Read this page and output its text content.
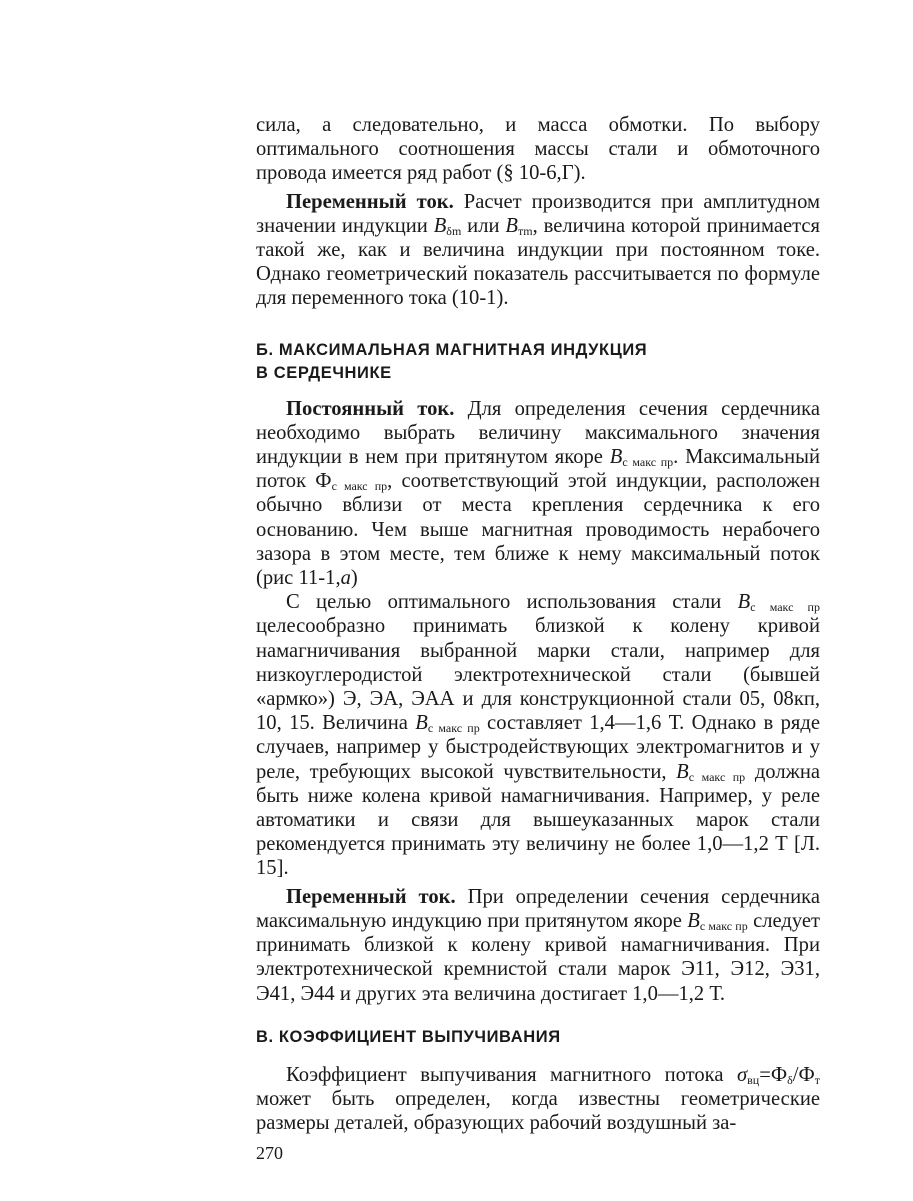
сила, а следовательно, и масса обмотки. По выбору оптимального соотношения массы стали и обмоточного провода имеется ряд работ (§ 10-6,Г).

Переменный ток. Расчет производится при амплитудном значении индукции $B_{\delta m}$ или $B_{тm}$, величина которой принимается такой же, как и величина индукции при постоянном токе. Однако геометрический показатель рассчитывается по формуле для переменного тока (10-1).

Б. МАКСИМАЛЬНАЯ МАГНИТНАЯ ИНДУКЦИЯ
В СЕРДЕЧНИКЕ

Постоянный ток. Для определения сечения сердечника необходимо выбрать величину максимального значения индукции в нем при притянутом якоре $B_{с макс пр}$. Максимальный поток $Ф_{с макс пр}$, соответствующий этой индукции, расположен обычно вблизи от места крепления сердечника к его основанию. Чем выше магнитная проводимость нерабочего зазора в этом месте, тем ближе к нему максимальный поток (рис 11-1,а)

С целью оптимального использования стали $B_{с макс пр}$ целесообразно принимать близкой к колену кривой намагничивания выбранной марки стали, например для низкоуглеродистой электротехнической стали (бывшей «армко») Э, ЭА, ЭАА и для конструкционной стали 05, 08кп, 10, 15. Величина $B_{с макс пр}$ составляет 1,4—1,6 Т. Однако в ряде случаев, например у быстродействующих электромагнитов и у реле, требующих высокой чувствительности, $B_{с макс пр}$ должна быть ниже колена кривой намагничивания. Например, у реле автоматики и связи для вышеуказанных марок стали рекомендуется принимать эту величину не более 1,0—1,2 Т [Л. 15].

Переменный ток. При определении сечения сердечника максимальную индукцию при притянутом якоре $B_{с макс пр}$ следует принимать близкой к колену кривой намагничивания. При электротехнической кремнистой стали марок Э11, Э12, Э31, Э41, Э44 и других эта величина достигает 1,0—1,2 Т.

В. КОЭФФИЦИЕНТ ВЫПУЧИВАНИЯ

Коэффициент выпучивания магнитного потока $\sigma_{вц}=Ф_\delta/Ф_т$ может быть определен, когда известны геометрические размеры деталей, образующих рабочий воздушный за-

270
